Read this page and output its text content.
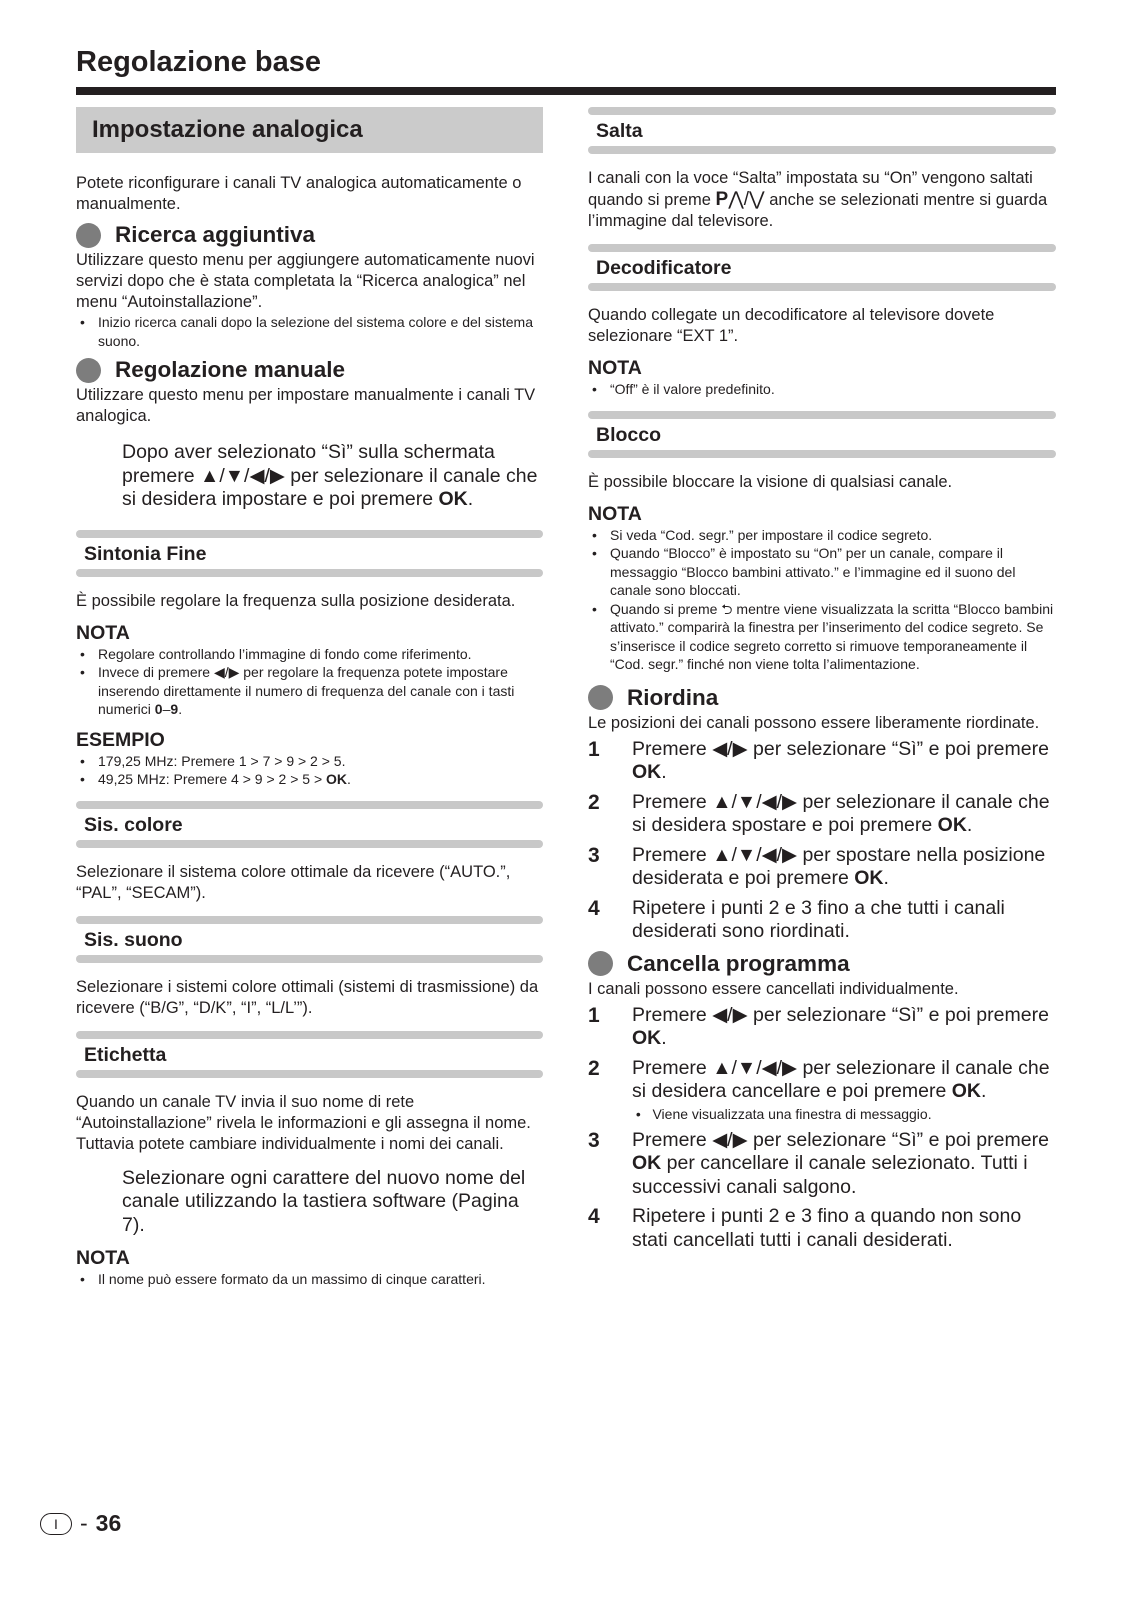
Regolazione base
Impostazione analogica

Potete riconfigurare i canali TV analogica automaticamente o manualmente.

Ricerca aggiuntiva

Utilizzare questo menu per aggiungere automaticamente nuovi servizi dopo che è stata completata la “Ricerca analogica” nel menu “Autoinstallazione”.

• Inizio ricerca canali dopo la selezione del sistema colore e del sistema suono.
Regolazione manuale

Utilizzare questo menu per impostare manualmente i canali TV analogica.

Dopo aver selezionato “Sì” sulla schermata premere ▲/▼/◀/▶ per selezionare il canale che si desidera impostare e poi premere OK.

Sintonia Fine

È possibile regolare la frequenza sulla posizione desiderata.

NOTA
• Regolare controllando l’immagine di fondo come riferimento.
• Invece di premere ◀/▶ per regolare la frequenza potete impostare inserendo direttamente il numero di frequenza del canale con i tasti numerici 0–9.
ESEMPIO
• 179,25 MHz: Premere 1 > 7 > 9 > 2 > 5.
• 49,25 MHz: Premere 4 > 9 > 2 > 5 > OK.
Sis. colore

Selezionare il sistema colore ottimale da ricevere (“AUTO.”, “PAL”, “SECAM”).

Sis. suono

Selezionare i sistemi colore ottimali (sistemi di trasmissione) da ricevere (“B/G”, “D/K”, “I”, “L/L’”).

Etichetta

Quando un canale TV invia il suo nome di rete “Autoinstallazione” rivela le informazioni e gli assegna il nome. Tuttavia potete cambiare individualmente i nomi dei canali.

Selezionare ogni carattere del nuovo nome del canale utilizzando la tastiera software (Pagina 7).

NOTA
• Il nome può essere formato da un massimo di cinque caratteri.
Salta

I canali con la voce “Salta” impostata su “On” vengono saltati quando si preme P⋀/⋁ anche se selezionati mentre si guarda l’immagine dal televisore.

Decodificatore

Quando collegate un decodificatore al televisore dovete selezionare “EXT 1”.

NOTA
• “Off” è il valore predefinito.
Blocco

È possibile bloccare la visione di qualsiasi canale.

NOTA
• Si veda “Cod. segr.” per impostare il codice segreto.
• Quando “Blocco” è impostato su “On” per un canale, compare il messaggio “Blocco bambini attivato.” e l’immagine ed il suono del canale sono bloccati.
• Quando si preme ⮌ mentre viene visualizzata la scritta “Blocco bambini attivato.” comparirà la finestra per l’inserimento del codice segreto. Se s’inserisce il codice segreto corretto si rimuove temporaneamente il “Cod. segr.” finché non viene tolta l’alimentazione.
Riordina

Le posizioni dei canali possono essere liberamente riordinate.

1	Premere ◀/▶ per selezionare “Sì” e poi premere OK.
2	Premere ▲/▼/◀/▶ per selezionare il canale che si desidera spostare e poi premere OK.
3	Premere ▲/▼/◀/▶ per spostare nella posizione desiderata e poi premere OK.
4	Ripetere i punti 2 e 3 fino a che tutti i canali desiderati sono riordinati.
Cancella programma

I canali possono essere cancellati individualmente.

1	Premere ◀/▶ per selezionare “Sì” e poi premere OK.
2	Premere ▲/▼/◀/▶ per selezionare il canale che si desidera cancellare e poi premere OK.
•   Viene visualizzata una finestra di messaggio.
3	Premere ◀/▶ per selezionare “Sì” e poi premere OK per cancellare il canale selezionato. Tutti i successivi canali salgono.
4	Ripetere i punti 2 e 3 fino a quando non sono stati cancellati tutti i canali desiderati.
I - 36
